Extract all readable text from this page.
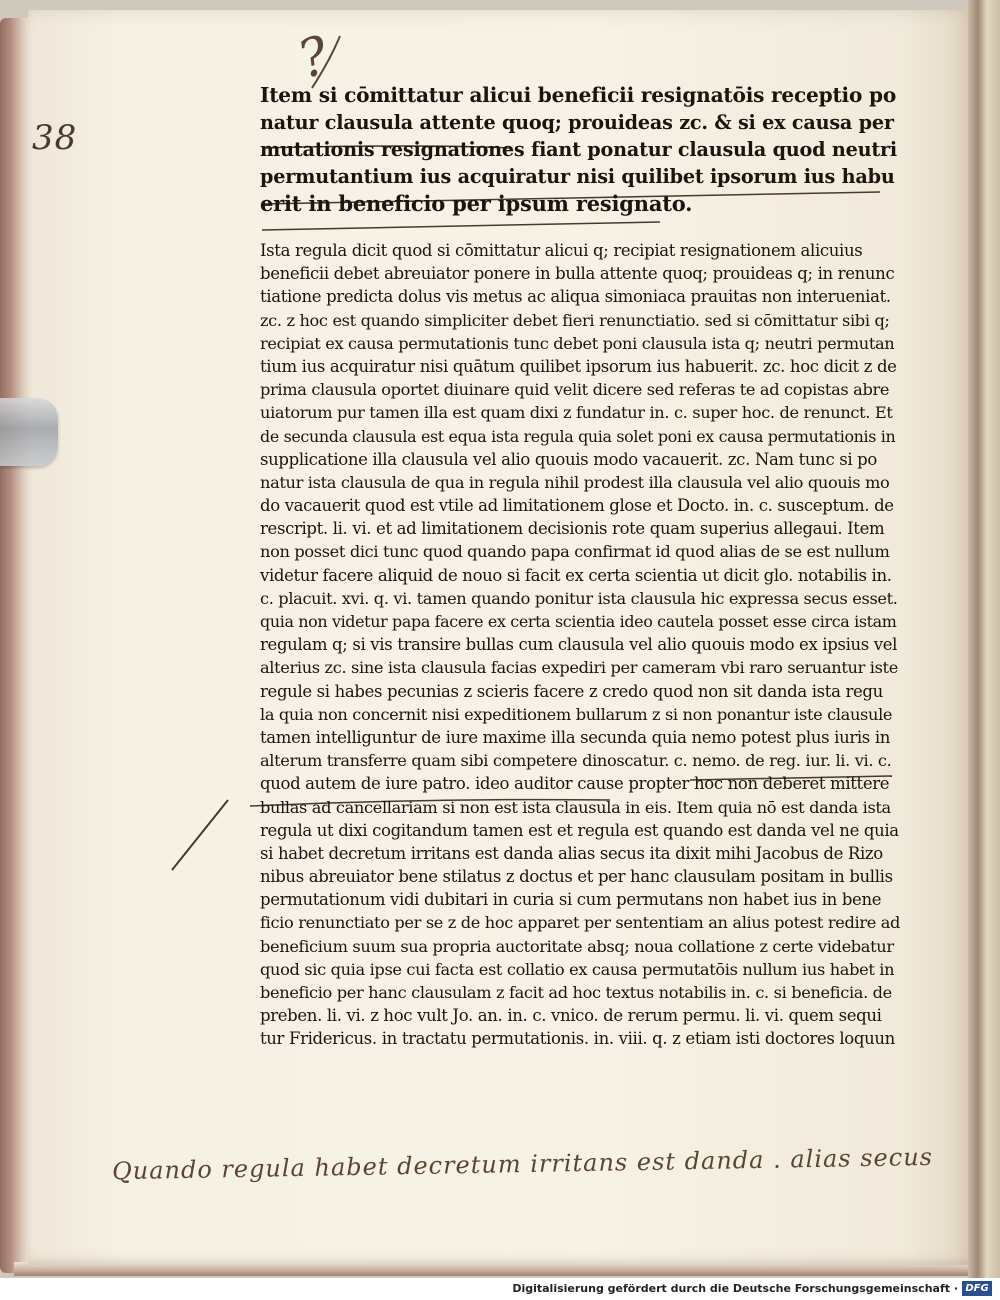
38
?
Item si cōmittatur alicui beneficii resignatōis receptio po
natur clausula attente quoq; prouideas zc. & si ex causa per
mutationis resignationes fiant ponatur clausula quod neutri
permutantium ius acquiratur nisi quilibet ipsorum ius habu
erit in beneficio per ipsum resignato.
Ista regula dicit quod si cōmittatur alicui q; recipiat resignationem alicuius
beneficii debet abreuiator ponere in bulla attente quoq; prouideas q; in renunc
tiatione predicta dolus vis metus ac aliqua simoniaca prauitas non interueniat.
zc. z hoc est quando simpliciter debet fieri renunctiatio. sed si cōmittatur sibi q;
recipiat ex causa permutationis tunc debet poni clausula ista q; neutri permutan
tium ius acquiratur nisi quātum quilibet ipsorum ius habuerit. zc. hoc dicit z de
prima clausula oportet diuinare quid velit dicere sed referas te ad copistas abre
uiatorum pur tamen illa est quam dixi z fundatur in. c. super hoc. de renunct. Et
de secunda clausula est equa ista regula quia solet poni ex causa permutationis in
supplicatione illa clausula vel alio quouis modo vacauerit. zc. Nam tunc si po
natur ista clausula de qua in regula nihil prodest illa clausula vel alio quouis mo
do vacauerit quod est vtile ad limitationem glose et Docto. in. c. susceptum. de
rescript. li. vi. et ad limitationem decisionis rote quam superius allegaui. Item
non posset dici tunc quod quando papa confirmat id quod alias de se est nullum
videtur facere aliquid de nouo si facit ex certa scientia ut dicit glo. notabilis in.
c. placuit. xvi. q. vi. tamen quando ponitur ista clausula hic expressa secus esset.
quia non videtur papa facere ex certa scientia ideo cautela posset esse circa istam
regulam q; si vis transire bullas cum clausula vel alio quouis modo ex ipsius vel
alterius zc. sine ista clausula facias expediri per cameram vbi raro seruantur iste
regule si habes pecunias z scieris facere z credo quod non sit danda ista regu
la quia non concernit nisi expeditionem bullarum z si non ponantur iste clausule
tamen intelliguntur de iure maxime illa secunda quia nemo potest plus iuris in
alterum transferre quam sibi competere dinoscatur. c. nemo. de reg. iur. li. vi. c.
quod autem de iure patro. ideo auditor cause propter hoc non deberet mittere
bullas ad cancellariam si non est ista clausula in eis. Item quia nō est danda ista
regula ut dixi cogitandum tamen est et regula est quando est danda vel ne quia
si habet decretum irritans est danda alias secus ita dixit mihi Jacobus de Rizo
nibus abreuiator bene stilatus z doctus et per hanc clausulam positam in bullis
permutationum vidi dubitari in curia si cum permutans non habet ius in bene
ficio renunctiato per se z de hoc apparet per sententiam an alius potest redire ad
beneficium suum sua propria auctoritate absq; noua collatione z certe videbatur
quod sic quia ipse cui facta est collatio ex causa permutatōis nullum ius habet in
beneficio per hanc clausulam z facit ad hoc textus notabilis in. c. si beneficia. de
preben. li. vi. z hoc vult Jo. an. in. c. vnico. de rerum permu. li. vi. quem sequi
tur Fridericus. in tractatu permutationis. in. viii. q. z etiam isti doctores loquun
Quando regula habet decretum irritans est danda . alias secus
Digitalisierung gefördert durch die Deutsche Forschungsgemeinschaft · DFG
